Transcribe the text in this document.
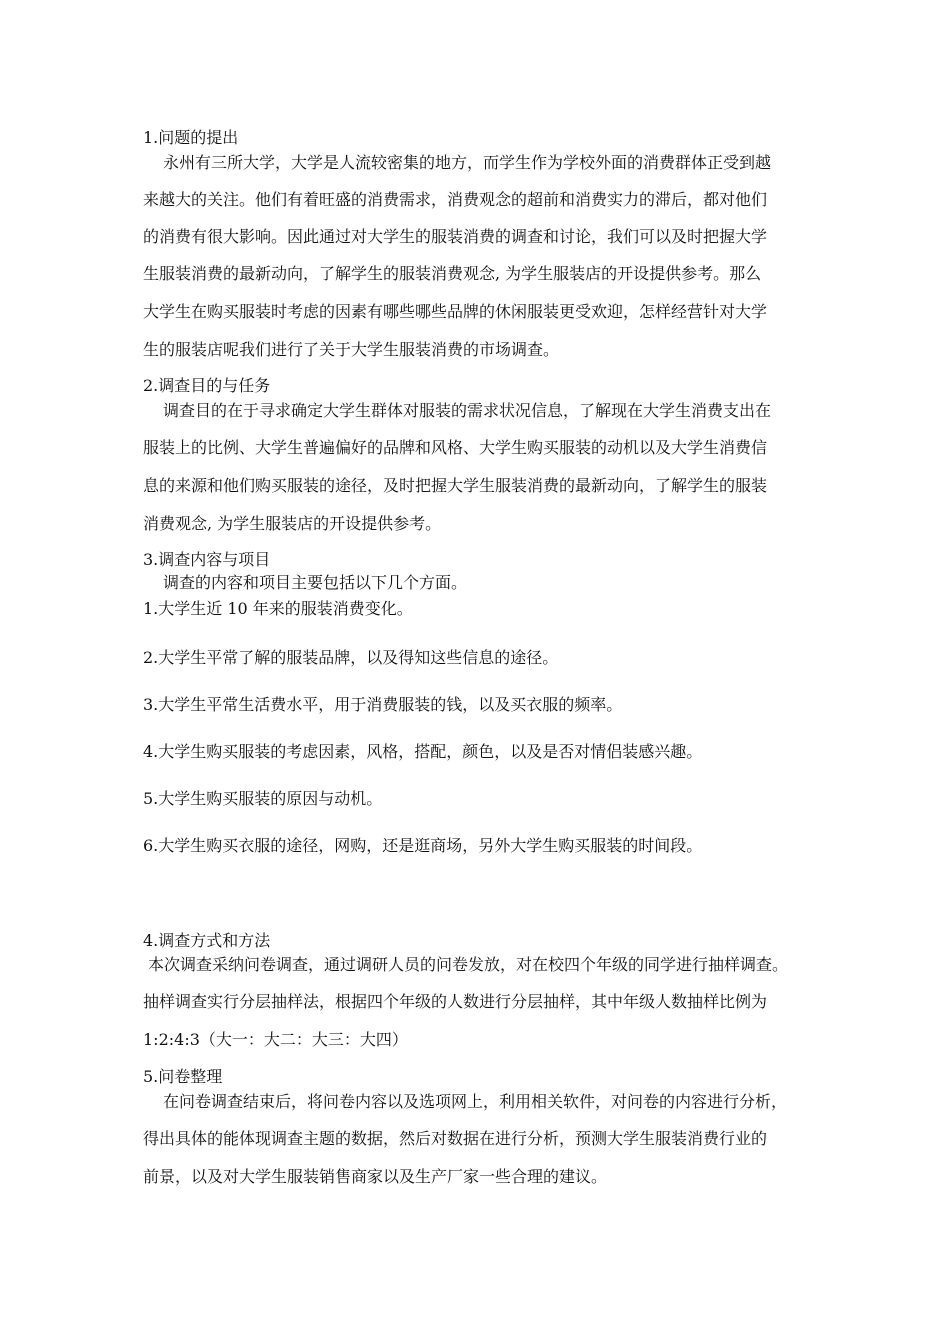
1.问题的提出

永州有三所大学，大学是人流较密集的地方，而学生作为学校外面的消费群体正受到越

来越大的关注。他们有着旺盛的消费需求，消费观念的超前和消费实力的滞后，都对他们

的消费有很大影响。因此通过对大学生的服装消费的调查和讨论，我们可以及时把握大学

生服装消费的最新动向，了解学生的服装消费观念, 为学生服装店的开设提供参考。那么

大学生在购买服装时考虑的因素有哪些哪些品牌的休闲服装更受欢迎，怎样经营针对大学

生的服装店呢我们进行了关于大学生服装消费的市场调查。

2.调查目的与任务

调查目的在于寻求确定大学生群体对服装的需求状况信息，了解现在大学生消费支出在

服装上的比例、大学生普遍偏好的品牌和风格、大学生购买服装的动机以及大学生消费信

息的来源和他们购买服装的途径，及时把握大学生服装消费的最新动向，了解学生的服装

消费观念, 为学生服装店的开设提供参考。

3.调查内容与项目

调查的内容和项目主要包括以下几个方面。

1.大学生近 10 年来的服装消费变化。

2.大学生平常了解的服装品牌，以及得知这些信息的途径。

3.大学生平常生活费水平，用于消费服装的钱，以及买衣服的频率。

4.大学生购买服装的考虑因素，风格，搭配，颜色，以及是否对情侣装感兴趣。

5.大学生购买服装的原因与动机。

6.大学生购买衣服的途径，网购，还是逛商场，另外大学生购买服装的时间段。

4.调查方式和方法

本次调查采纳问卷调查，通过调研人员的问卷发放，对在校四个年级的同学进行抽样调查。

抽样调查实行分层抽样法，根据四个年级的人数进行分层抽样，其中年级人数抽样比例为

1:2:4:3（大一：大二：大三：大四）

5.问卷整理

在问卷调查结束后，将问卷内容以及选项网上，利用相关软件，对问卷的内容进行分析，

得出具体的能体现调查主题的数据，然后对数据在进行分析，预测大学生服装消费行业的

前景，以及对大学生服装销售商家以及生产厂家一些合理的建议。
